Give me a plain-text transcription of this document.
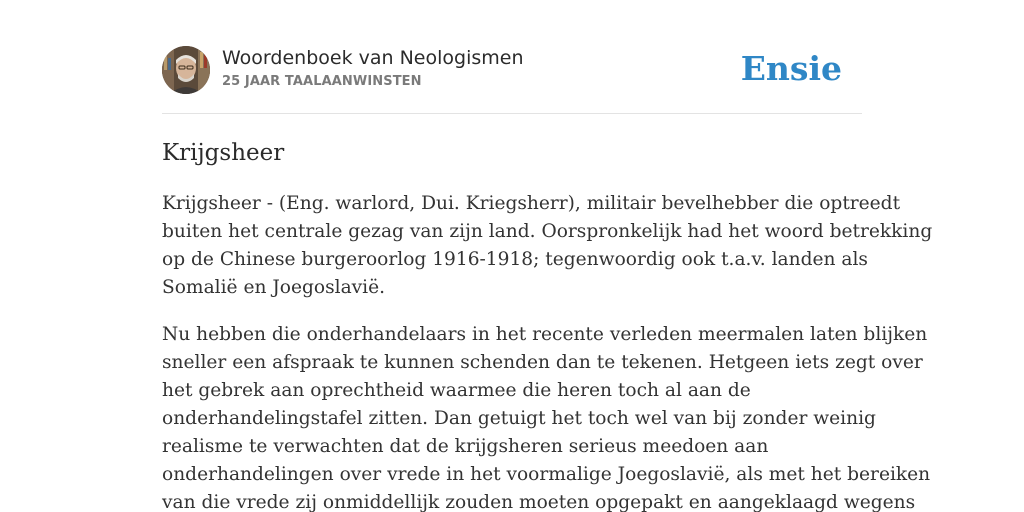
Woordenboek van Neologismen
25 JAAR TAALAANWINSTEN	Ensie
Krijgsheer

Krijgsheer - (Eng. warlord, Dui. Kriegsherr), militair bevelhebber die optreedt
buiten het centrale gezag van zijn land. Oorspronkelijk had het woord betrekking
op de Chinese burgeroorlog 1916-1918; tegenwoordig ook t.a.v. landen als
Somalië en Joegoslavië.

Nu hebben die onderhandelaars in het recente verleden meermalen laten blijken
sneller een afspraak te kunnen schenden dan te tekenen. Hetgeen iets zegt over
het gebrek aan oprechtheid waarmee die heren toch al aan de
onderhandelingstafel zitten. Dan getuigt het toch wel van bij zonder weinig
realisme te verwachten dat de krijgsheren serieus meedoen aan
onderhandelingen over vrede in het voormalige Joegoslavië, als met het bereiken
van die vrede zij onmiddellijk zouden moeten opgepakt en aangeklaagd wegens
